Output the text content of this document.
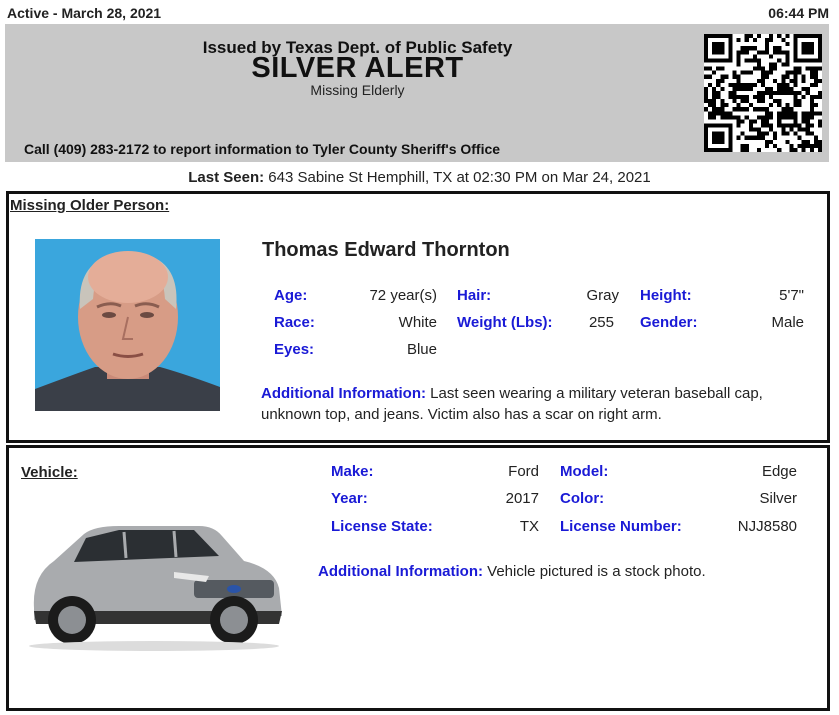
Active - March 28, 2021	06:44 PM
Issued by Texas Dept. of Public Safety
SILVER ALERT
Missing Elderly
Call (409) 283-2172 to report information to Tyler County Sheriff's Office
Last Seen: 643 Sabine St Hemphill, TX at 02:30 PM on Mar 24, 2021
Missing Older Person:
Thomas Edward Thornton
Age:	72 year(s) Hair:	Gray Height:	5'7"
Race:	White Weight (Lbs):	255 Gender:	Male
Eyes:	Blue
Additional Information: Last seen wearing a military veteran baseball cap, unknown top, and jeans. Victim also has a scar on right arm.
Vehicle:	Make:	Ford Model:	Edge
Year:	2017 Color:	Silver
License State:	TX License Number:	NJJ8580
Additional Information: Vehicle pictured is a stock photo.
